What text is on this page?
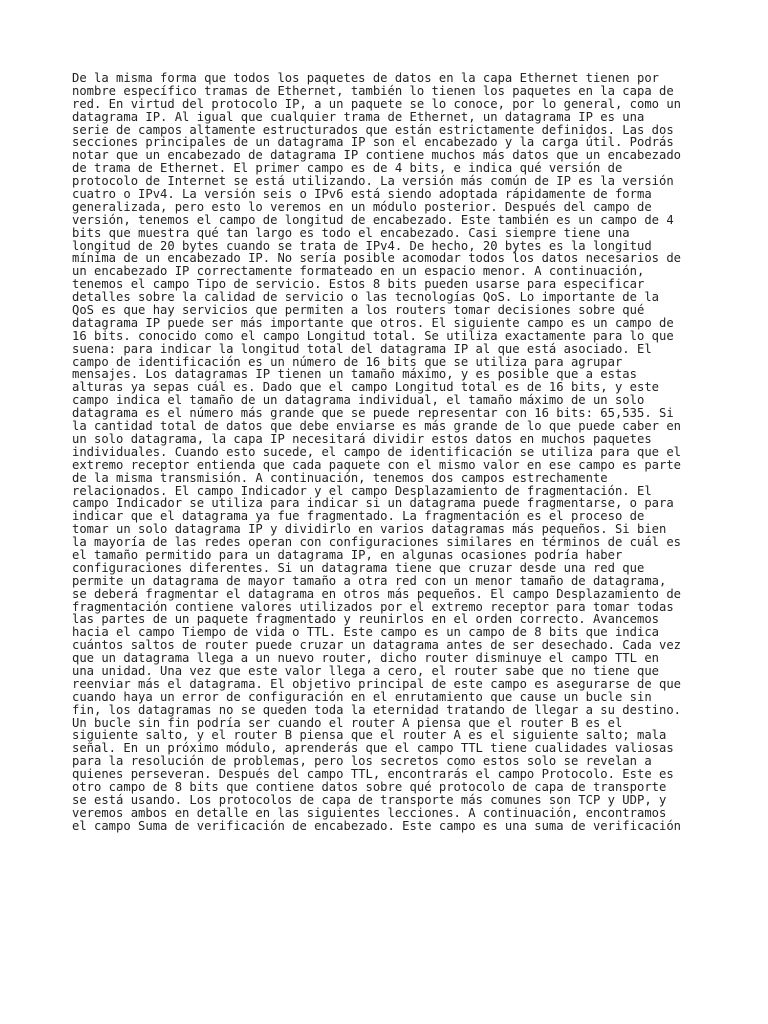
De la misma forma que todos los paquetes de datos en la capa Ethernet tienen por
nombre específico tramas de Ethernet, también lo tienen los paquetes en la capa de
red. En virtud del protocolo IP, a un paquete se lo conoce, por lo general, como un
datagrama IP. Al igual que cualquier trama de Ethernet, un datagrama IP es una
serie de campos altamente estructurados que están estrictamente definidos. Las dos
secciones principales de un datagrama IP son el encabezado y la carga útil. Podrás
notar que un encabezado de datagrama IP contiene muchos más datos que un encabezado
de trama de Ethernet. El primer campo es de 4 bits, e indica qué versión de
protocolo de Internet se está utilizando. La versión más común de IP es la versión
cuatro o IPv4. La versión seis o IPv6 está siendo adoptada rápidamente de forma
generalizada, pero esto lo veremos en un módulo posterior. Después del campo de
versión, tenemos el campo de longitud de encabezado. Este también es un campo de 4
bits que muestra qué tan largo es todo el encabezado. Casi siempre tiene una
longitud de 20 bytes cuando se trata de IPv4. De hecho, 20 bytes es la longitud
mínima de un encabezado IP. No sería posible acomodar todos los datos necesarios de
un encabezado IP correctamente formateado en un espacio menor. A continuación,
tenemos el campo Tipo de servicio. Estos 8 bits pueden usarse para especificar
detalles sobre la calidad de servicio o las tecnologías QoS. Lo importante de la
QoS es que hay servicios que permiten a los routers tomar decisiones sobre qué
datagrama IP puede ser más importante que otros. El siguiente campo es un campo de
16 bits. conocido como el campo Longitud total. Se utiliza exactamente para lo que
suena: para indicar la longitud total del datagrama IP al que está asociado. El
campo de identificación es un número de 16 bits que se utiliza para agrupar
mensajes. Los datagramas IP tienen un tamaño máximo, y es posible que a estas
alturas ya sepas cuál es. Dado que el campo Longitud total es de 16 bits, y este
campo indica el tamaño de un datagrama individual, el tamaño máximo de un solo
datagrama es el número más grande que se puede representar con 16 bits: 65,535. Si
la cantidad total de datos que debe enviarse es más grande de lo que puede caber en
un solo datagrama, la capa IP necesitará dividir estos datos en muchos paquetes
individuales. Cuando esto sucede, el campo de identificación se utiliza para que el
extremo receptor entienda que cada paquete con el mismo valor en ese campo es parte
de la misma transmisión. A continuación, tenemos dos campos estrechamente
relacionados. El campo Indicador y el campo Desplazamiento de fragmentación. El
campo Indicador se utiliza para indicar si un datagrama puede fragmentarse, o para
indicar que el datagrama ya fue fragmentado. La fragmentación es el proceso de
tomar un solo datagrama IP y dividirlo en varios datagramas más pequeños. Si bien
la mayoría de las redes operan con configuraciones similares en términos de cuál es
el tamaño permitido para un datagrama IP, en algunas ocasiones podría haber
configuraciones diferentes. Si un datagrama tiene que cruzar desde una red que
permite un datagrama de mayor tamaño a otra red con un menor tamaño de datagrama,
se deberá fragmentar el datagrama en otros más pequeños. El campo Desplazamiento de
fragmentación contiene valores utilizados por el extremo receptor para tomar todas
las partes de un paquete fragmentado y reunirlos en el orden correcto. Avancemos
hacia el campo Tiempo de vida o TTL. Este campo es un campo de 8 bits que indica
cuántos saltos de router puede cruzar un datagrama antes de ser desechado. Cada vez
que un datagrama llega a un nuevo router, dicho router disminuye el campo TTL en
una unidad. Una vez que este valor llega a cero, el router sabe que no tiene que
reenviar más el datagrama. El objetivo principal de este campo es asegurarse de que
cuando haya un error de configuración en el enrutamiento que cause un bucle sin
fin, los datagramas no se queden toda la eternidad tratando de llegar a su destino.
Un bucle sin fin podría ser cuando el router A piensa que el router B es el
siguiente salto, y el router B piensa que el router A es el siguiente salto; mala
señal. En un próximo módulo, aprenderás que el campo TTL tiene cualidades valiosas
para la resolución de problemas, pero los secretos como estos solo se revelan a
quienes perseveran. Después del campo TTL, encontrarás el campo Protocolo. Este es
otro campo de 8 bits que contiene datos sobre qué protocolo de capa de transporte
se está usando. Los protocolos de capa de transporte más comunes son TCP y UDP, y
veremos ambos en detalle en las siguientes lecciones. A continuación, encontramos
el campo Suma de verificación de encabezado. Este campo es una suma de verificación
